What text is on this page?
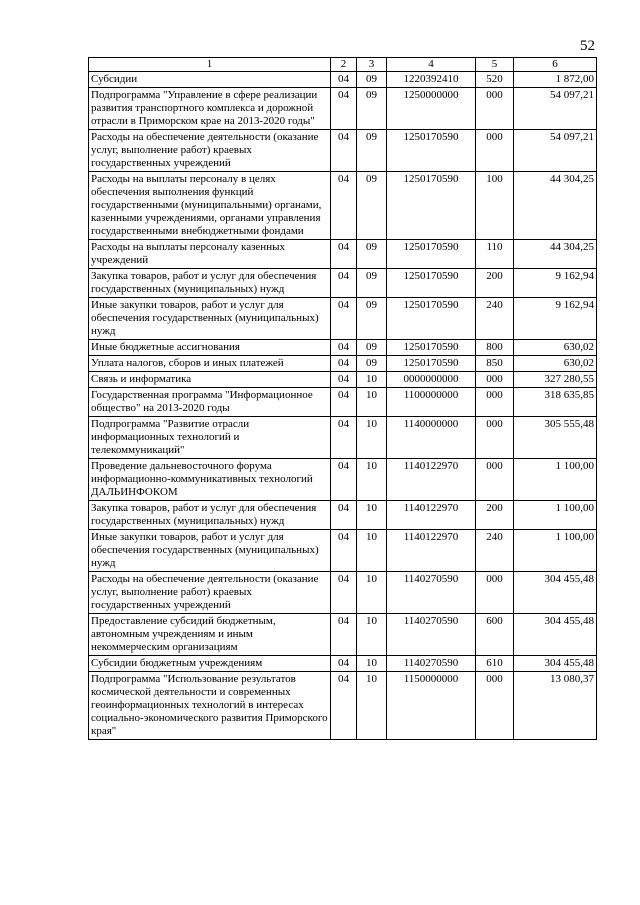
52
1	2	3	4	5	6
Субсидии	04	09	1220392410	520	1 872,00
Подпрограмма "Управление в сфере реализации развития транспортного комплекса и дорожной отрасли в Приморском крае на 2013-2020 годы"	04	09	1250000000	000	54 097,21
Расходы на обеспечение деятельности (оказание услуг, выполнение работ) краевых государственных учреждений	04	09	1250170590	000	54 097,21
Расходы на выплаты персоналу в целях обеспечения выполнения функций государственными (муниципальными) органами, казенными учреждениями, органами управления государственными внебюджетными фондами	04	09	1250170590	100	44 304,25
Расходы на выплаты персоналу казенных учреждений	04	09	1250170590	110	44 304,25
Закупка товаров, работ и услуг для обеспечения государственных (муниципальных) нужд	04	09	1250170590	200	9 162,94
Иные закупки товаров, работ и услуг для обеспечения государственных (муниципальных) нужд	04	09	1250170590	240	9 162,94
Иные бюджетные ассигнования	04	09	1250170590	800	630,02
Уплата налогов, сборов и иных платежей	04	09	1250170590	850	630,02
Связь и информатика	04	10	0000000000	000	327 280,55
Государственная программа "Информационное общество" на 2013-2020 годы	04	10	1100000000	000	318 635,85
Подпрограмма "Развитие отрасли информационных технологий и телекоммуникаций"	04	10	1140000000	000	305 555,48
Проведение дальневосточного форума информационно-коммуникативных технологий ДАЛЬИНФОКОМ	04	10	1140122970	000	1 100,00
Закупка товаров, работ и услуг для обеспечения государственных (муниципальных) нужд	04	10	1140122970	200	1 100,00
Иные закупки товаров, работ и услуг для обеспечения государственных (муниципальных) нужд	04	10	1140122970	240	1 100,00
Расходы на обеспечение деятельности (оказание услуг, выполнение работ) краевых государственных учреждений	04	10	1140270590	000	304 455,48
Предоставление субсидий бюджетным, автономным учреждениям и иным некоммерческим организациям	04	10	1140270590	600	304 455,48
Субсидии бюджетным учреждениям	04	10	1140270590	610	304 455,48
Подпрограмма "Использование результатов космической деятельности и современных геоинформационных технологий в интересах социально-экономического развития Приморского края"	04	10	1150000000	000	13 080,37
